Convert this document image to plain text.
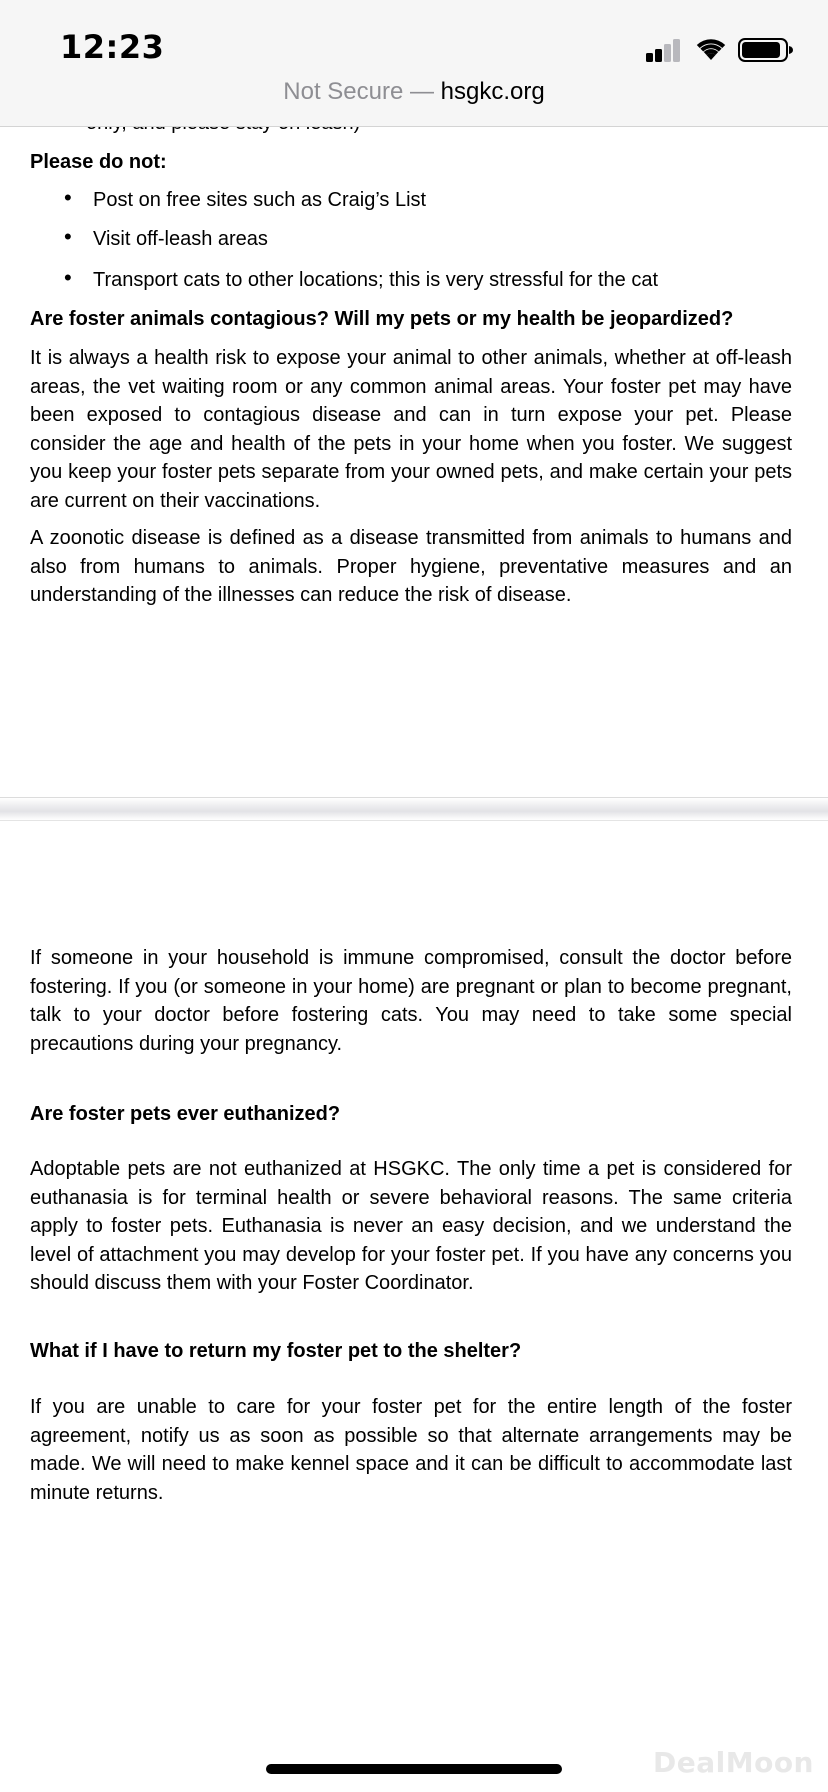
12:23
Not Secure — hsgkc.org
Please do not:
• Post on free sites such as Craig’s List
• Visit off-leash areas
• Transport cats to other locations; this is very stressful for the cat
Are foster animals contagious? Will my pets or my health be jeopardized?

It is always a health risk to expose your animal to other animals, whether at off-leash areas, the vet waiting room or any common animal areas. Your foster pet may have been exposed to contagious disease and can in turn expose your pet. Please consider the age and health of the pets in your home when you foster. We suggest you keep your foster pets separate from your owned pets, and make certain your pets are current on their vaccinations.

A zoonotic disease is defined as a disease transmitted from animals to humans and also from humans to animals. Proper hygiene, preventative measures and an understanding of the illnesses can reduce the risk of disease.

If someone in your household is immune compromised, consult the doctor before fostering. If you (or someone in your home) are pregnant or plan to become pregnant, talk to your doctor before fostering cats. You may need to take some special precautions during your pregnancy.

Are foster pets ever euthanized?

Adoptable pets are not euthanized at HSGKC. The only time a pet is considered for euthanasia is for terminal health or severe behavioral reasons. The same criteria apply to foster pets. Euthanasia is never an easy decision, and we understand the level of attachment you may develop for your foster pet. If you have any concerns you should discuss them with your Foster Coordinator.

What if I have to return my foster pet to the shelter?

If you are unable to care for your foster pet for the entire length of the foster agreement, notify us as soon as possible so that alternate arrangements may be made. We will need to make kennel space and it can be difficult to accommodate last minute returns.

DealMoon
